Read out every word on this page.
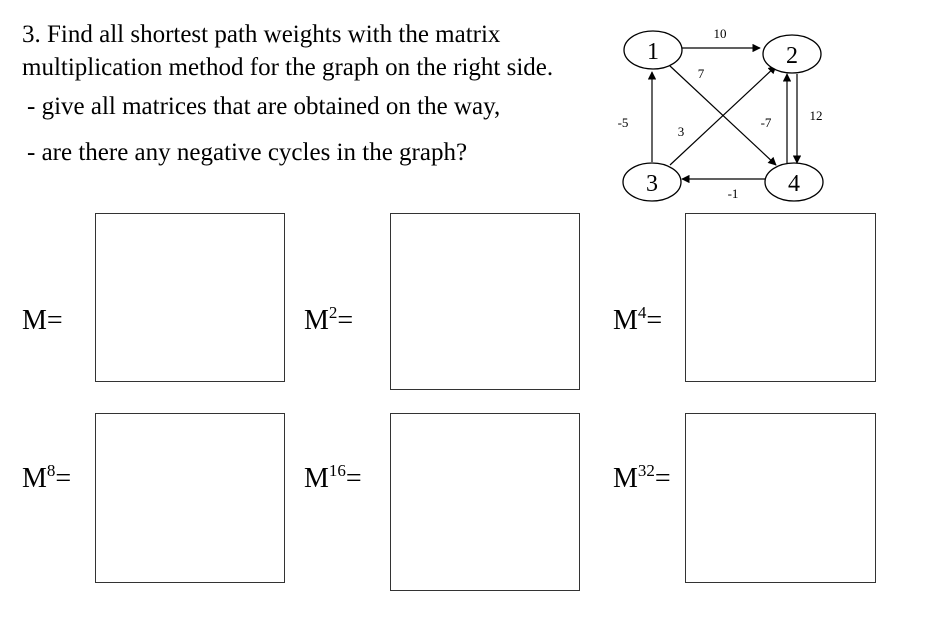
3. Find all shortest path weights with the matrix
multiplication method for the graph on the right side.
- give all matrices that are obtained on the way,
- are there any negative cycles in the graph?
1	2
3	4
10
7
-5
3
-7	12
-1
M=	$M^2=$	$M^4=$
$M^8=$	$M^{16}=$	$M^{32}=$
